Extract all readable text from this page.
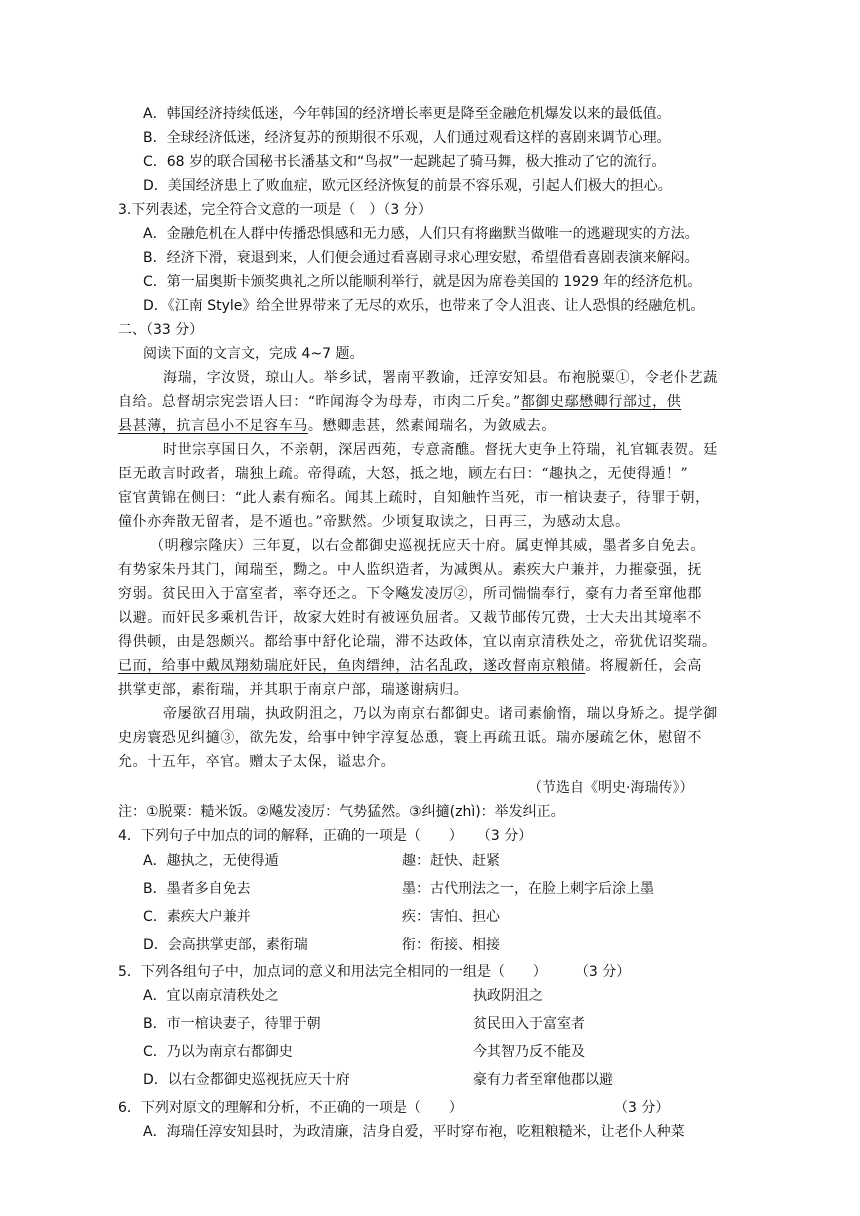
A．韩国经济持续低迷，今年韩国的经济增长率更是降至金融危机爆发以来的最低值。
B．全球经济低迷，经济复苏的预期很不乐观，人们通过观看这样的喜剧来调节心理。
C．68 岁的联合国秘书长潘基文和“鸟叔”一起跳起了骑马舞，极大推动了它的流行。
D．美国经济患上了败血症，欧元区经济恢复的前景不容乐观，引起人们极大的担心。
3.下列表述，完全符合文意的一项是（　）（3 分）
A．金融危机在人群中传播恐惧感和无力感，人们只有将幽默当做唯一的逃避现实的方法。
B．经济下滑，衰退到来，人们便会通过看喜剧寻求心理安慰，希望借看喜剧表演来解闷。
C．第一届奥斯卡颁奖典礼之所以能顺利举行，就是因为席卷美国的 1929 年的经济危机。
D．《江南 Style》给全世界带来了无尽的欢乐，也带来了令人沮丧、让人恐惧的经融危机。
二、（33 分）
阅读下面的文言文，完成 4~7 题。
海瑞，字汝贤，琼山人。举乡试，署南平教谕，迁淳安知县。布袍脱粟①，令老仆艺蔬
自给。总督胡宗宪尝语人曰：“昨闻海令为母寿，市肉二斤矣。”都御史鄢懋卿行部过，供
县甚薄，抗言邑小不足容车马。懋卿恚甚，然素闻瑞名，为敛威去。
时世宗享国日久，不亲朝，深居西苑，专意斋醮。督抚大吏争上符瑞，礼官辄表贺。廷
臣无敢言时政者，瑞独上疏。帝得疏，大怒，抵之地，顾左右曰：“趣执之，无使得遁！”
宦官黄锦在侧曰：“此人素有痴名。闻其上疏时，自知触忤当死，市一棺诀妻子，待罪于朝，
僮仆亦奔散无留者，是不遁也。”帝默然。少顷复取读之，日再三，为感动太息。
（明穆宗隆庆）三年夏，以右佥都御史巡视抚应天十府。属吏惮其威，墨者多自免去。
有势家朱丹其门，闻瑞至，黝之。中人监织造者，为减舆从。素疾大户兼并，力摧豪强，抚
穷弱。贫民田入于富室者，率夺还之。下令飚发凌厉②，所司惴惴奉行，豪有力者至窜他郡
以避。而奸民多乘机告讦，故家大姓时有被诬负屈者。又裁节邮传冗费，士大夫出其境率不
得供顿，由是怨颇兴。都给事中舒化论瑞，滞不达政体，宜以南京清秩处之，帝犹优诏奖瑞。
已而，给事中戴凤翔劾瑞庇奸民，鱼肉缙绅，沽名乱政，遂改督南京粮储。将履新任，会高
拱掌吏部，素衔瑞，并其职于南京户部，瑞遂谢病归。
帝屡欲召用瑞，执政阴沮之，乃以为南京右都御史。诸司素偷惰，瑞以身矫之。提学御
史房寰恐见纠擿③，欲先发，给事中钟宇淳复怂恿，寰上再疏丑诋。瑞亦屡疏乞休，慰留不
允。十五年，卒官。赠太子太保，谥忠介。
（节选自《明史·海瑞传》）
注：①脱粟：糙米饭。②飚发凌厉：气势猛然。③纠擿(zhì)：举发纠正。
4．下列句子中加点的词的解释，正确的一项是（　　）　　（3 分）
A．趣执之，无使得遁	趣：赶快、赶紧
B．墨者多自免去	墨：古代刑法之一，在脸上刺字后涂上墨
C．素疾大户兼并	疾：害怕、担心
D．会高拱掌吏部，素衔瑞	衔：衔接、相接
5．下列各组句子中，加点词的意义和用法完全相同的一组是（　　）　　　（3 分）
A．宜以南京清秩处之	执政阴沮之
B．市一棺诀妻子，待罪于朝	贫民田入于富室者
C．乃以为南京右都御史	今其智乃反不能及
D．以右佥都御史巡视抚应天十府	豪有力者至窜他郡以避
6．下列对原文的理解和分析，不正确的一项是（　　）	（3 分）
A．海瑞任淳安知县时，为政清廉，洁身自爱，平时穿布袍，吃粗粮糙米，让老仆人种菜
